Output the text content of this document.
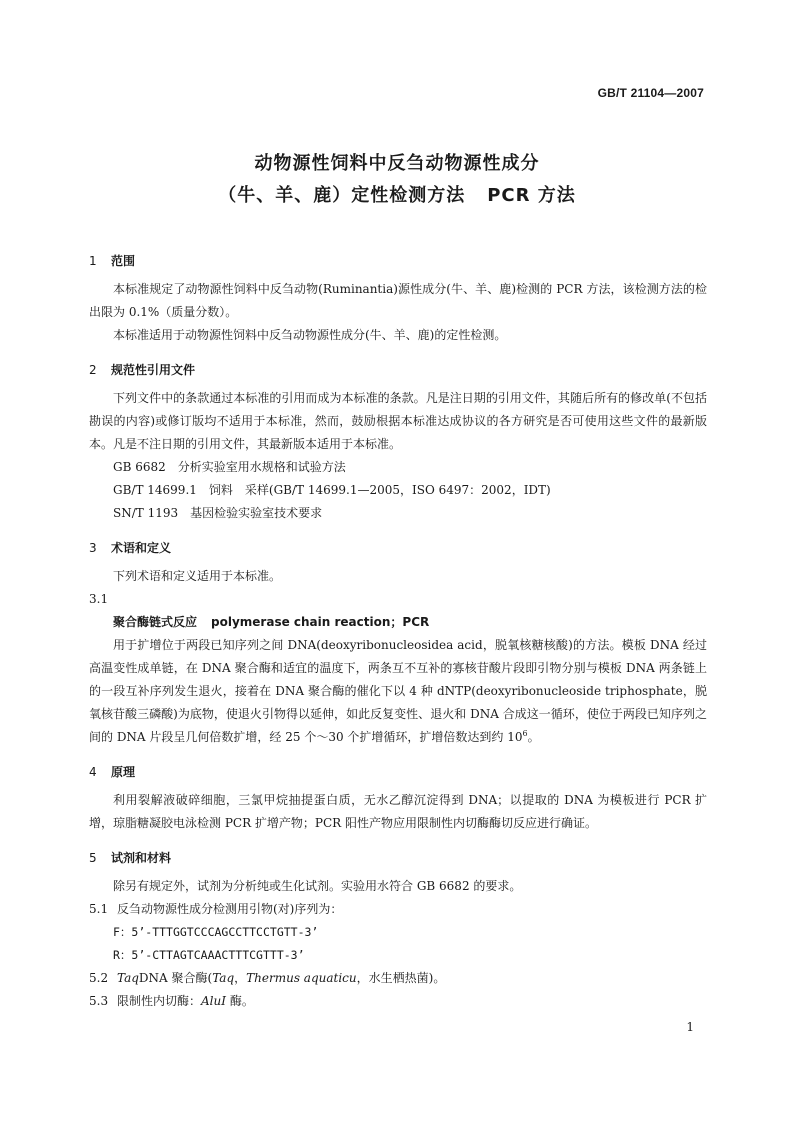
GB/T 21104—2007
动物源性饲料中反刍动物源性成分
（牛、羊、鹿）定性检测方法 PCR 方法
1 范围

本标准规定了动物源性饲料中反刍动物(Ruminantia)源性成分(牛、羊、鹿)检测的 PCR 方法，该检测方法的检出限为 0.1%（质量分数）。

本标准适用于动物源性饲料中反刍动物源性成分(牛、羊、鹿)的定性检测。

2 规范性引用文件

下列文件中的条款通过本标准的引用而成为本标准的条款。凡是注日期的引用文件，其随后所有的修改单(不包括勘误的内容)或修订版均不适用于本标准，然而，鼓励根据本标准达成协议的各方研究是否可使用这些文件的最新版本。凡是不注日期的引用文件，其最新版本适用于本标准。

GB 6682 分析实验室用水规格和试验方法

GB/T 14699.1 饲料　采样(GB/T 14699.1—2005，ISO 6497：2002，IDT)

SN/T 1193 基因检验实验室技术要求

3 术语和定义

下列术语和定义适用于本标准。

3.1

聚合酶链式反应 polymerase chain reaction；PCR

用于扩增位于两段已知序列之间 DNA(deoxyribonucleosidea acid，脱氧核糖核酸)的方法。模板 DNA 经过高温变性成单链，在 DNA 聚合酶和适宜的温度下，两条互不互补的寡核苷酸片段即引物分别与模板 DNA 两条链上的一段互补序列发生退火，接着在 DNA 聚合酶的催化下以 4 种 dNTP(deoxyribonucleoside triphosphate，脱氧核苷酸三磷酸)为底物，使退火引物得以延伸，如此反复变性、退火和 DNA 合成这一循环，使位于两段已知序列之间的 DNA 片段呈几何倍数扩增，经 25 个～30 个扩增循环，扩增倍数达到约 $10^6$。

4 原理

利用裂解液破碎细胞，三氯甲烷抽提蛋白质，无水乙醇沉淀得到 DNA；以提取的 DNA 为模板进行 PCR 扩增，琼脂糖凝胶电泳检测 PCR 扩增产物；PCR 阳性产物应用限制性内切酶酶切反应进行确证。

5 试剂和材料

除另有规定外，试剂为分析纯或生化试剂。实验用水符合 GB 6682 的要求。

5.1 反刍动物源性成分检测用引物(对)序列为：

F：5’-TTTGGTCCCAGCCTTCCTGTT-3’

R：5’-CTTAGTCAAACTTTCGTTT-3’

5.2 TaqDNA 聚合酶(Taq，Thermus aquaticu，水生栖热菌)。

5.3 限制性内切酶：AluI 酶。

1
